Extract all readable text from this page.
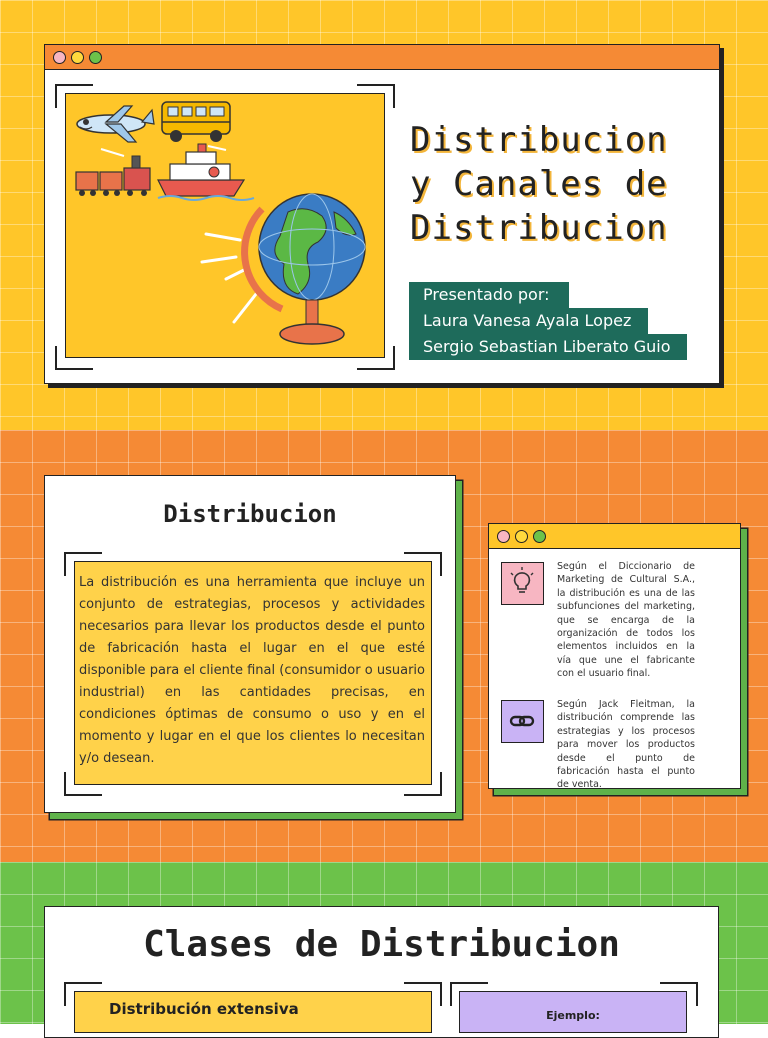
Distribucion
y Canales de
Distribucion
Presentado por:
Laura Vanesa Ayala Lopez
Sergio Sebastian Liberato Guio
Distribucion
La distribución es una herramienta que incluye un conjunto de estrategias, procesos y actividades necesarios para llevar los productos desde el punto de fabricación hasta el lugar en el que esté disponible para el cliente final (consumidor o usuario industrial) en las cantidades precisas, en condiciones óptimas de consumo o uso y en el momento y lugar en el que los clientes lo necesitan y/o desean.
Según el Diccionario de Marketing de Cultural S.A., la distribución es una de las subfunciones del marketing, que se encarga de la organización de todos los elementos incluidos en la vía que une el fabricante con el usuario final.
Según Jack Fleitman, la distribución comprende las estrategias y los procesos para mover los productos desde el punto de fabricación hasta el punto de venta.
Clases de Distribucion
Distribución extensiva	Ejemplo:
